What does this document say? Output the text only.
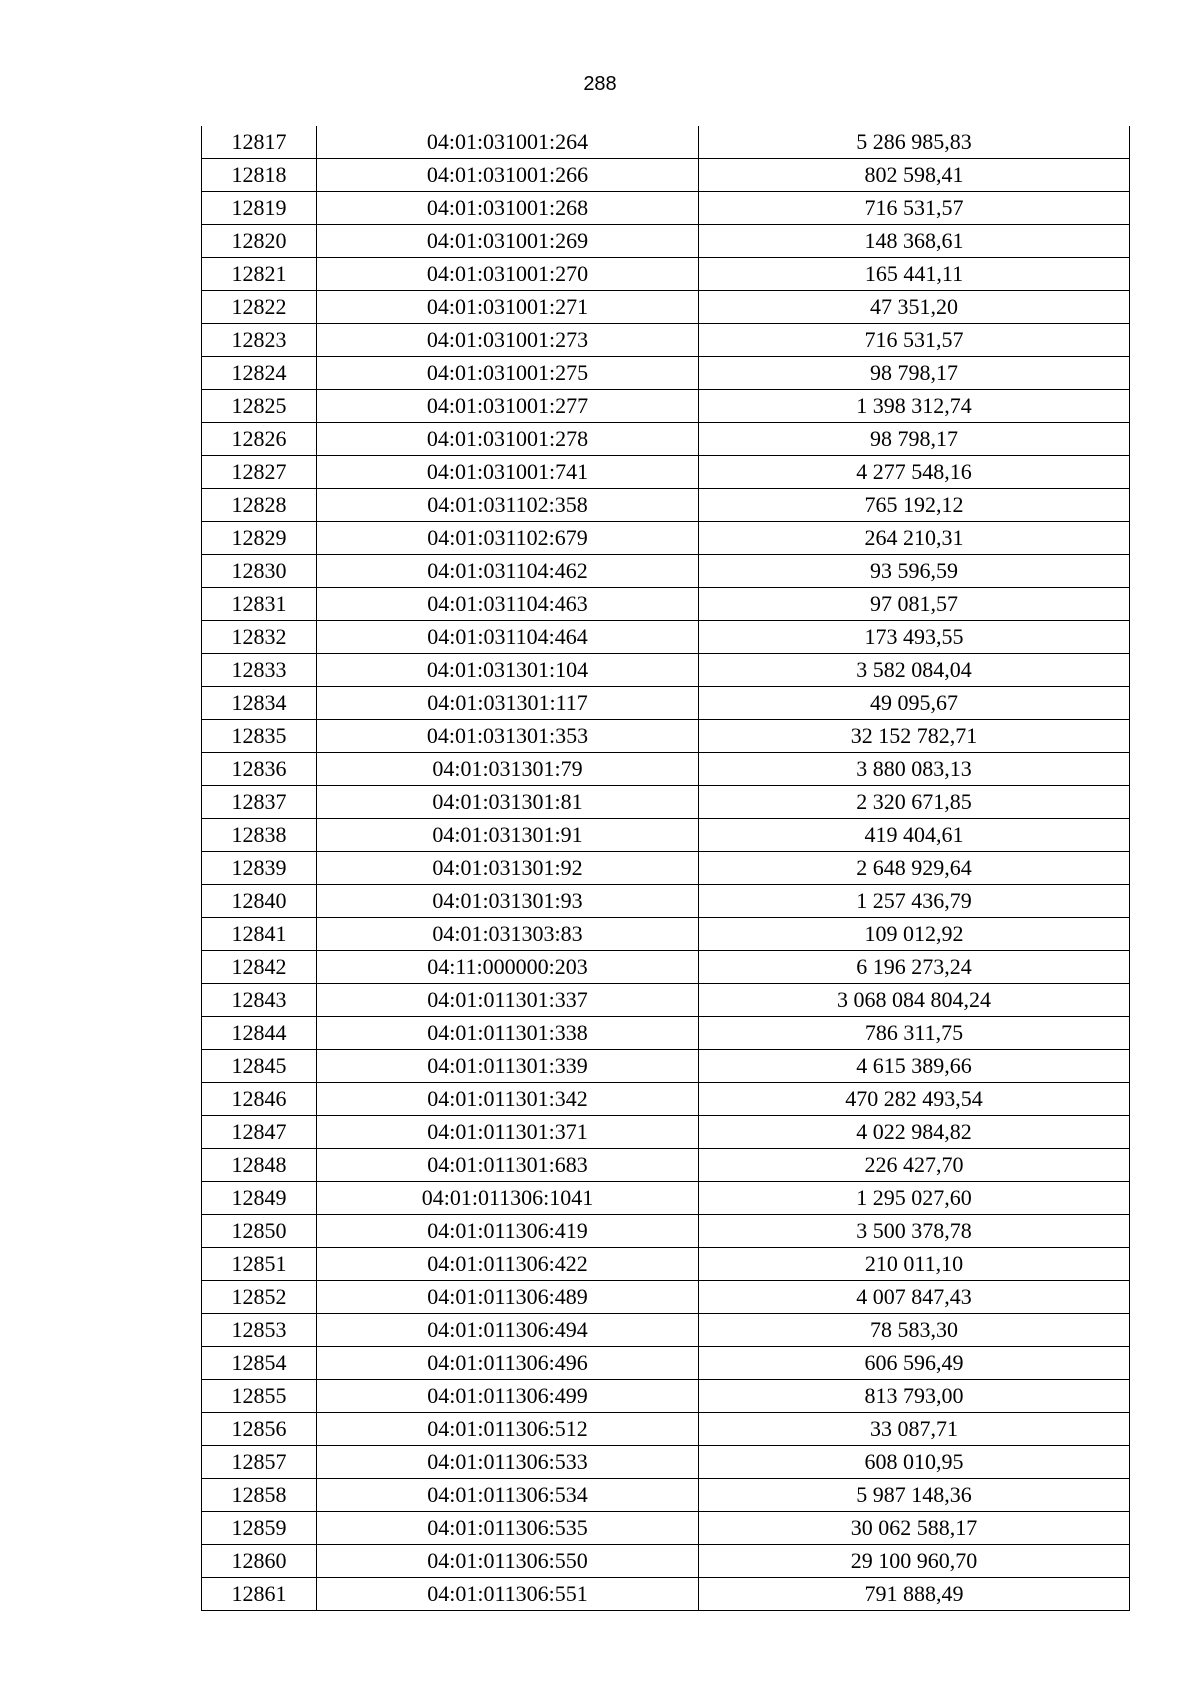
288
12817	04:01:031001:264	5 286 985,83
12818	04:01:031001:266	802 598,41
12819	04:01:031001:268	716 531,57
12820	04:01:031001:269	148 368,61
12821	04:01:031001:270	165 441,11
12822	04:01:031001:271	47 351,20
12823	04:01:031001:273	716 531,57
12824	04:01:031001:275	98 798,17
12825	04:01:031001:277	1 398 312,74
12826	04:01:031001:278	98 798,17
12827	04:01:031001:741	4 277 548,16
12828	04:01:031102:358	765 192,12
12829	04:01:031102:679	264 210,31
12830	04:01:031104:462	93 596,59
12831	04:01:031104:463	97 081,57
12832	04:01:031104:464	173 493,55
12833	04:01:031301:104	3 582 084,04
12834	04:01:031301:117	49 095,67
12835	04:01:031301:353	32 152 782,71
12836	04:01:031301:79	3 880 083,13
12837	04:01:031301:81	2 320 671,85
12838	04:01:031301:91	419 404,61
12839	04:01:031301:92	2 648 929,64
12840	04:01:031301:93	1 257 436,79
12841	04:01:031303:83	109 012,92
12842	04:11:000000:203	6 196 273,24
12843	04:01:011301:337	3 068 084 804,24
12844	04:01:011301:338	786 311,75
12845	04:01:011301:339	4 615 389,66
12846	04:01:011301:342	470 282 493,54
12847	04:01:011301:371	4 022 984,82
12848	04:01:011301:683	226 427,70
12849	04:01:011306:1041	1 295 027,60
12850	04:01:011306:419	3 500 378,78
12851	04:01:011306:422	210 011,10
12852	04:01:011306:489	4 007 847,43
12853	04:01:011306:494	78 583,30
12854	04:01:011306:496	606 596,49
12855	04:01:011306:499	813 793,00
12856	04:01:011306:512	33 087,71
12857	04:01:011306:533	608 010,95
12858	04:01:011306:534	5 987 148,36
12859	04:01:011306:535	30 062 588,17
12860	04:01:011306:550	29 100 960,70
12861	04:01:011306:551	791 888,49
